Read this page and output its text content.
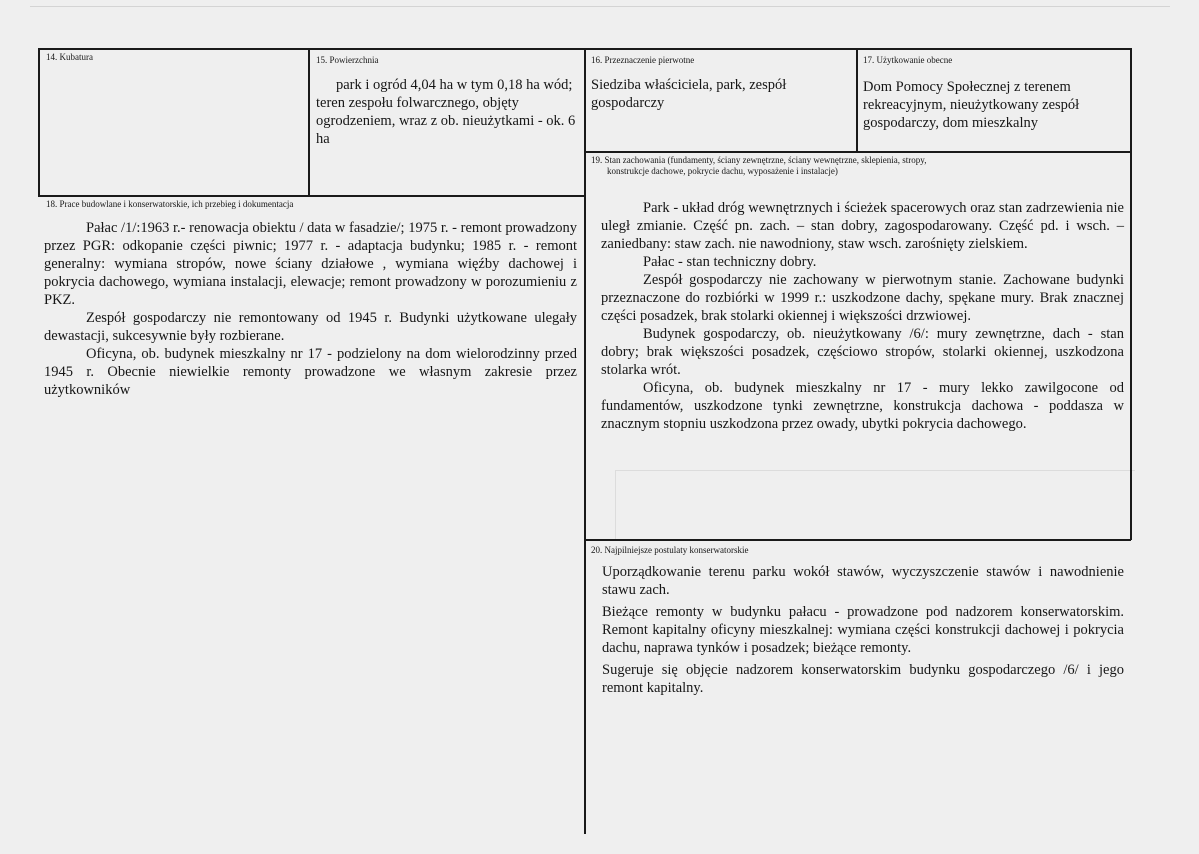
14. Kubatura	15. Powierzchnia
park i ogród 4,04 ha w tym 0,18 ha wód; teren zespołu folwarcznego, objęty ogrodzeniem, wraz z ob. nieużytkami - ok. 6 ha
16. Przeznaczenie pierwotne
Siedziba właściciela, park, zespół gospodarczy
17. Użytkowanie obecne
Dom Pomocy Społecznej z terenem rekreacyjnym, nieużytkowany zespół gospodarczy, dom mieszkalny
19. Stan zachowania (fundamenty, ściany zewnętrzne, ściany wewnętrzne, sklepienia, stropy,
konstrukcje dachowe, pokrycie dachu, wyposażenie i instalacje)

Park - układ dróg wewnętrznych i ścieżek spacerowych oraz stan zadrzewienia nie uległ zmianie. Część pn. zach. – stan dobry, zagospodarowany. Część pd. i wsch. – zaniedbany: staw zach. nie nawodniony, staw wsch. zarośnięty zielskiem.

Pałac - stan techniczny dobry.

Zespół gospodarczy nie zachowany w pierwotnym stanie. Zachowane budynki przeznaczone do rozbiórki w 1999 r.: uszkodzone dachy, spękane mury. Brak znacznej części posadzek, brak stolarki okiennej i większości drzwiowej.

Budynek gospodarczy, ob. nieużytkowany /6/: mury zewnętrzne, dach - stan dobry; brak większości posadzek, częściowo stropów, stolarki okiennej, uszkodzona stolarka wrót.

Oficyna, ob. budynek mieszkalny nr 17 - mury lekko zawilgocone od fundamentów, uszkodzone tynki zewnętrzne, konstrukcja dachowa - poddasza w znacznym stopniu uszkodzona przez owady, ubytki pokrycia dachowego.

18. Prace budowlane i konserwatorskie, ich przebieg i dokumentacja

Pałac /1/:1963 r.- renowacja obiektu / data w fasadzie/; 1975 r. - remont prowadzony przez PGR: odkopanie części piwnic; 1977 r. - adaptacja budynku; 1985 r. - remont generalny: wymiana stropów, nowe ściany działowe , wymiana więźby dachowej i pokrycia dachowego, wymiana instalacji, elewacje; remont prowadzony w porozumieniu z PKZ.

Zespół gospodarczy nie remontowany od 1945 r. Budynki użytkowane ulegały dewastacji, sukcesywnie były rozbierane.

Oficyna, ob. budynek mieszkalny nr 17 - podzielony na dom wielorodzinny przed 1945 r. Obecnie niewielkie remonty prowadzone we własnym zakresie przez użytkowników

20. Najpilniejsze postulaty konserwatorskie

Uporządkowanie terenu parku wokół stawów, wyczyszczenie stawów i nawodnienie stawu zach.

Bieżące remonty w budynku pałacu - prowadzone pod nadzorem konserwatorskim. Remont kapitalny oficyny mieszkalnej: wymiana części konstrukcji dachowej i pokrycia dachu, naprawa tynków i posadzek; bieżące remonty.

Sugeruje się objęcie nadzorem konserwatorskim budynku gospodarczego /6/ i jego remont kapitalny.
